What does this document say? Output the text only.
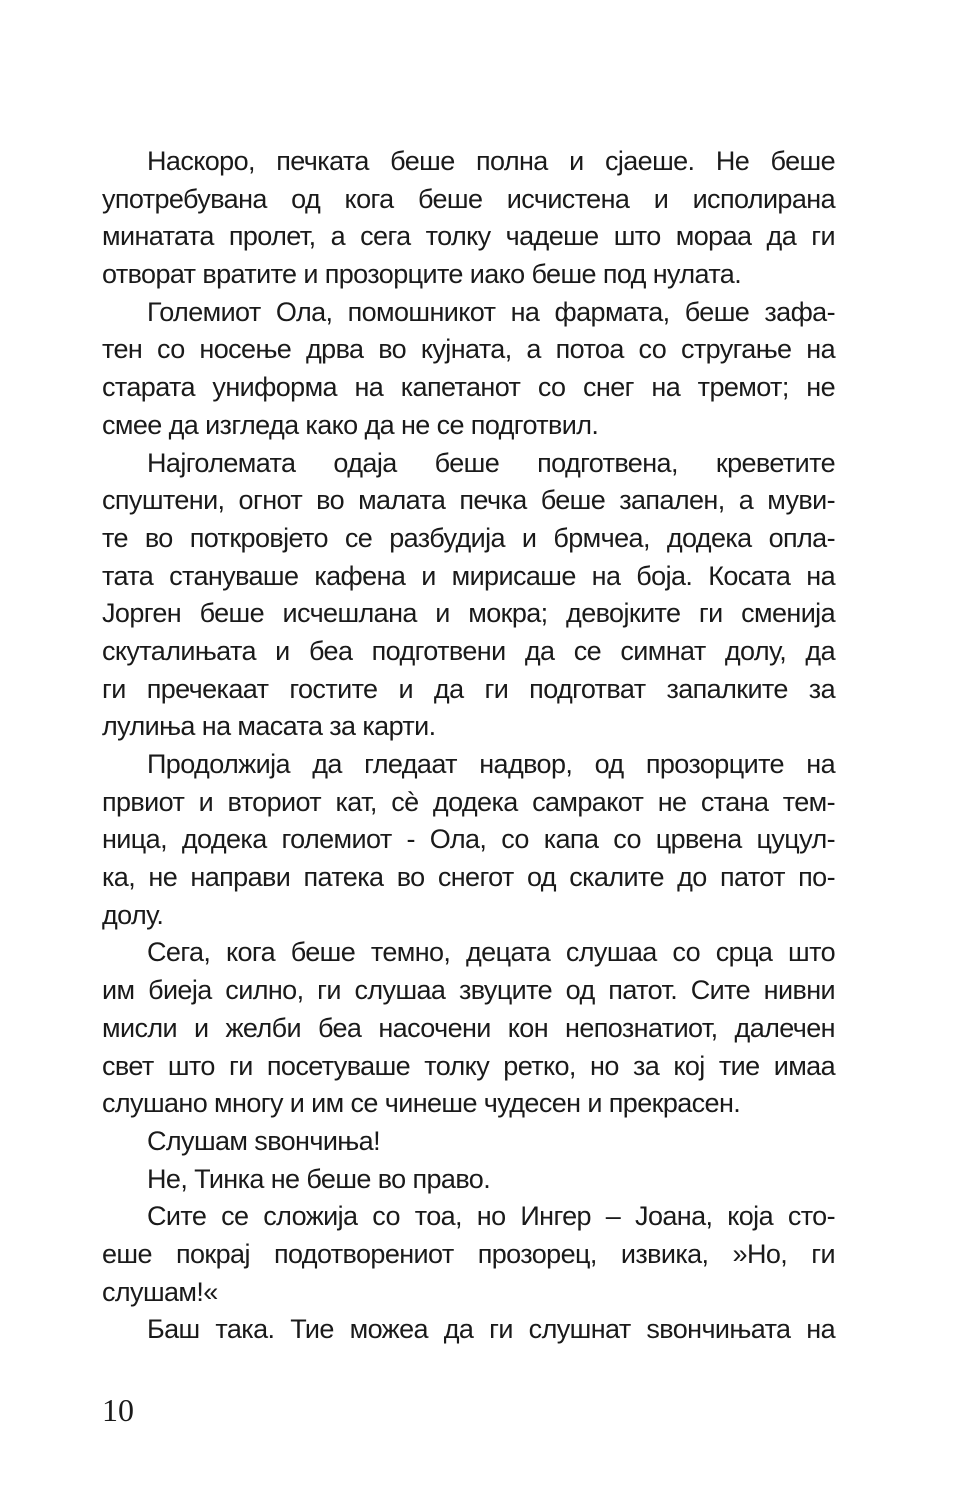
Наскоро, печката беше полна и сјаеше. Не беше
употребувана од кога беше исчистена и исполирана
минатата пролет, а сега толку чадеше што мораа да ги
отворат вратите и прозорците иако беше под нулата.
Големиот Ола, помошникот на фармата, беше зафа-
тен со носење дрва во кујната, а потоа со стругање на
старата униформа на капетанот со снег на тремот; не
смее да изгледа како да не се подготвил.
Најголемата одаја беше подготвена, креветите
спуштени, огнот во малата печка беше запален, а муви-
те во поткровјето се разбудија и брмчеа, додека опла-
тата стануваше кафена и мирисаше на боја. Косата на
Јорген беше исчешлана и мокра; девојките ги сменија
скуталињата и беа подготвени да се симнат долу, да
ги пречекаат гостите и да ги подготват запалките за
лулиња на масата за карти.
Продолжија да гледаат надвор, од прозорците на
првиот и вториот кат, сѐ додека самракот не стана тем-
ница, додека големиот - Ола, со капа со црвена цуцул-
ка, не направи патека во снегот од скалите до патот по-
долу.
Сега, кога беше темно, децата слушаа со срца што
им биеја силно, ги слушаа звуците од патот. Сите нивни
мисли и желби беа насочени кон непознатиот, далечен
свет што ги посетуваше толку ретко, но за кој тие имаа
слушано многу и им се чинеше чудесен и прекрасен.
Слушам ѕвончиња!
Не, Тинка не беше во право.
Сите се сложија со тоа, но Ингер – Јоана, која сто-
еше покрај подотворениот прозорец, извика, »Но, ги
слушам!«
Баш така. Тие можеа да ги слушнат ѕвончињата на
10
